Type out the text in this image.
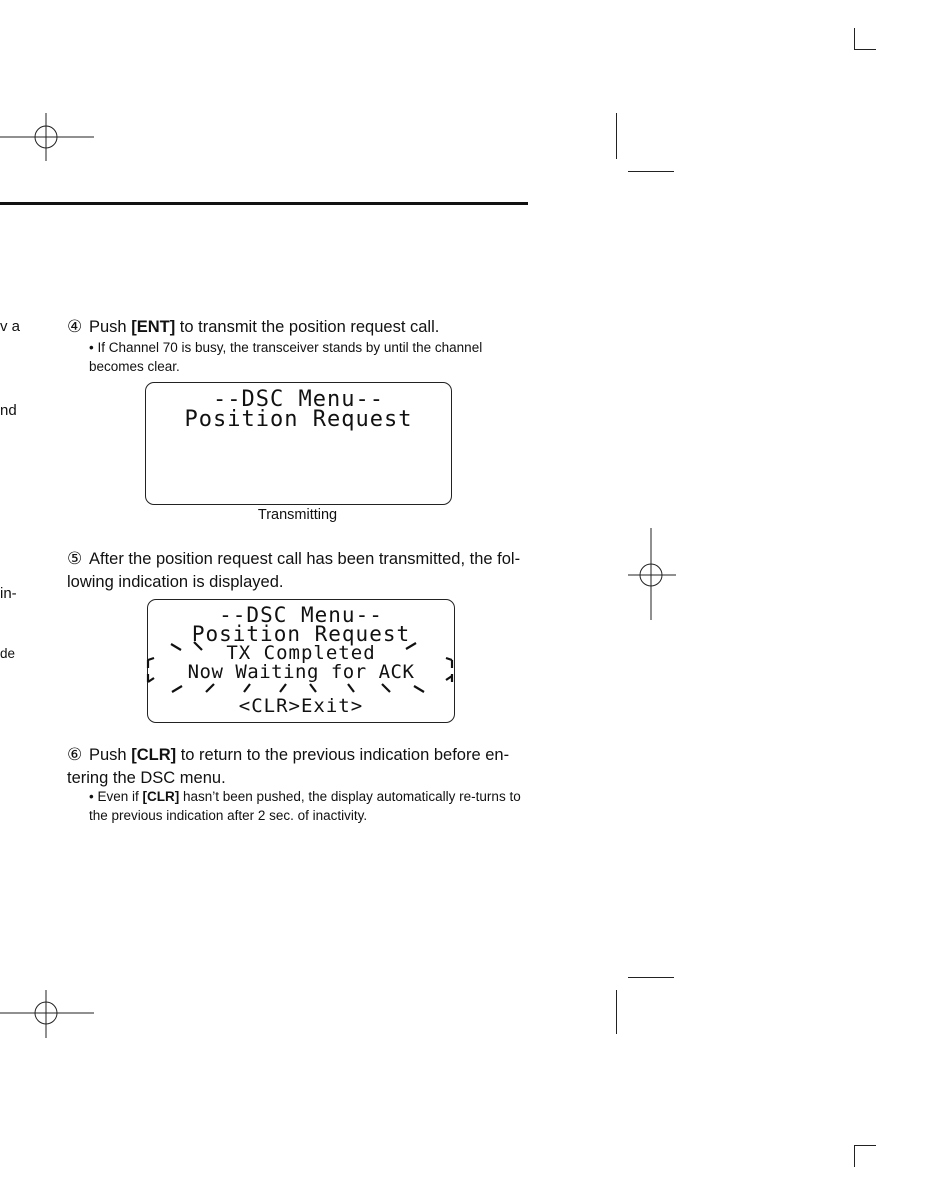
v a
nd
in-
de
④ Push [ENT] to transmit the position request call.
• If Channel 70 is busy, the transceiver stands by until the channel becomes clear.
--DSC Menu--
Position Request
Transmitting
⑤ After the position request call has been transmitted, the fol-lowing indication is displayed.
--DSC Menu--
Position Request
TX Completed
Now Waiting for ACK
<CLR>Exit>
⑥ Push [CLR] to return to the previous indication before en-tering the DSC menu.
• Even if [CLR] hasn’t been pushed, the display automatically re-turns to the previous indication after 2 sec. of inactivity.
